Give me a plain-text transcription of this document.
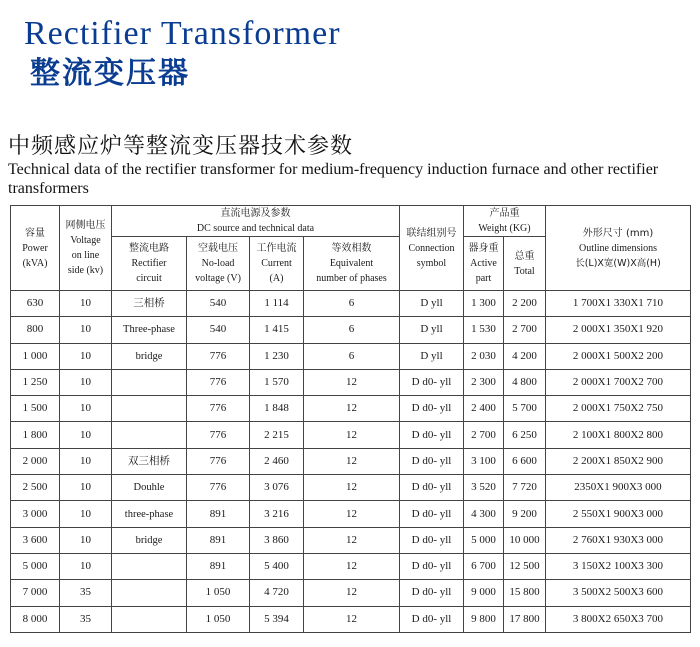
Rectifier Transformer
整流变压器
中频感应炉等整流变压器技术参数
Technical data of the rectifier transformer for medium-frequency induction furnace and other rectifier transformers
容量
Power
(kVA)	网侧电压
Voltage
on line
side (kv)	直流电源及参数
DC source and technical data				联结组别号
Connection
symbol	产品重
Weight (KG)		外形尺寸 (mm)
Outline dimensions
长(L)X宽(W)X高(H)

		整流电路
Rectifier
circuit	空载电压
No-load
voltage (V)	工作电流
Current
(A)	等效相数
Equivalent
number of phases		器身重
Active
part	总重
Total	

630	10	三相桥	540	1 114	6	D yll	1 300	2 200	1 700X1 330X1 710
800	10	Three-phase	540	1 415	6	D yll	1 530	2 700	2 000X1 350X1 920
1 000	10	bridge	776	1 230	6	D yll	2 030	4 200	2 000X1 500X2 200
1 250	10		776	1 570	12	D d0- yll	2 300	4 800	2 000X1 700X2 700
1 500	10		776	1 848	12	D d0- yll	2 400	5 700	2 000X1 750X2 750
1 800	10		776	2 215	12	D d0- yll	2 700	6 250	2 100X1 800X2 800
2 000	10	双三相桥	776	2 460	12	D d0- yll	3 100	6 600	2 200X1 850X2 900
2 500	10	Douhle	776	3 076	12	D d0- yll	3 520	7 720	2350X1 900X3 000
3 000	10	three-phase	891	3 216	12	D d0- yll	4 300	9 200	2 550X1 900X3 000
3 600	10	bridge	891	3 860	12	D d0- yll	5 000	10 000	2 760X1 930X3 000
5 000	10		891	5 400	12	D d0- yll	6 700	12 500	3 150X2 100X3 300
7 000	35		1 050	4 720	12	D d0- yll	9 000	15 800	3 500X2 500X3 600
8 000	35		1 050	5 394	12	D d0- yll	9 800	17 800	3 800X2 650X3 700
